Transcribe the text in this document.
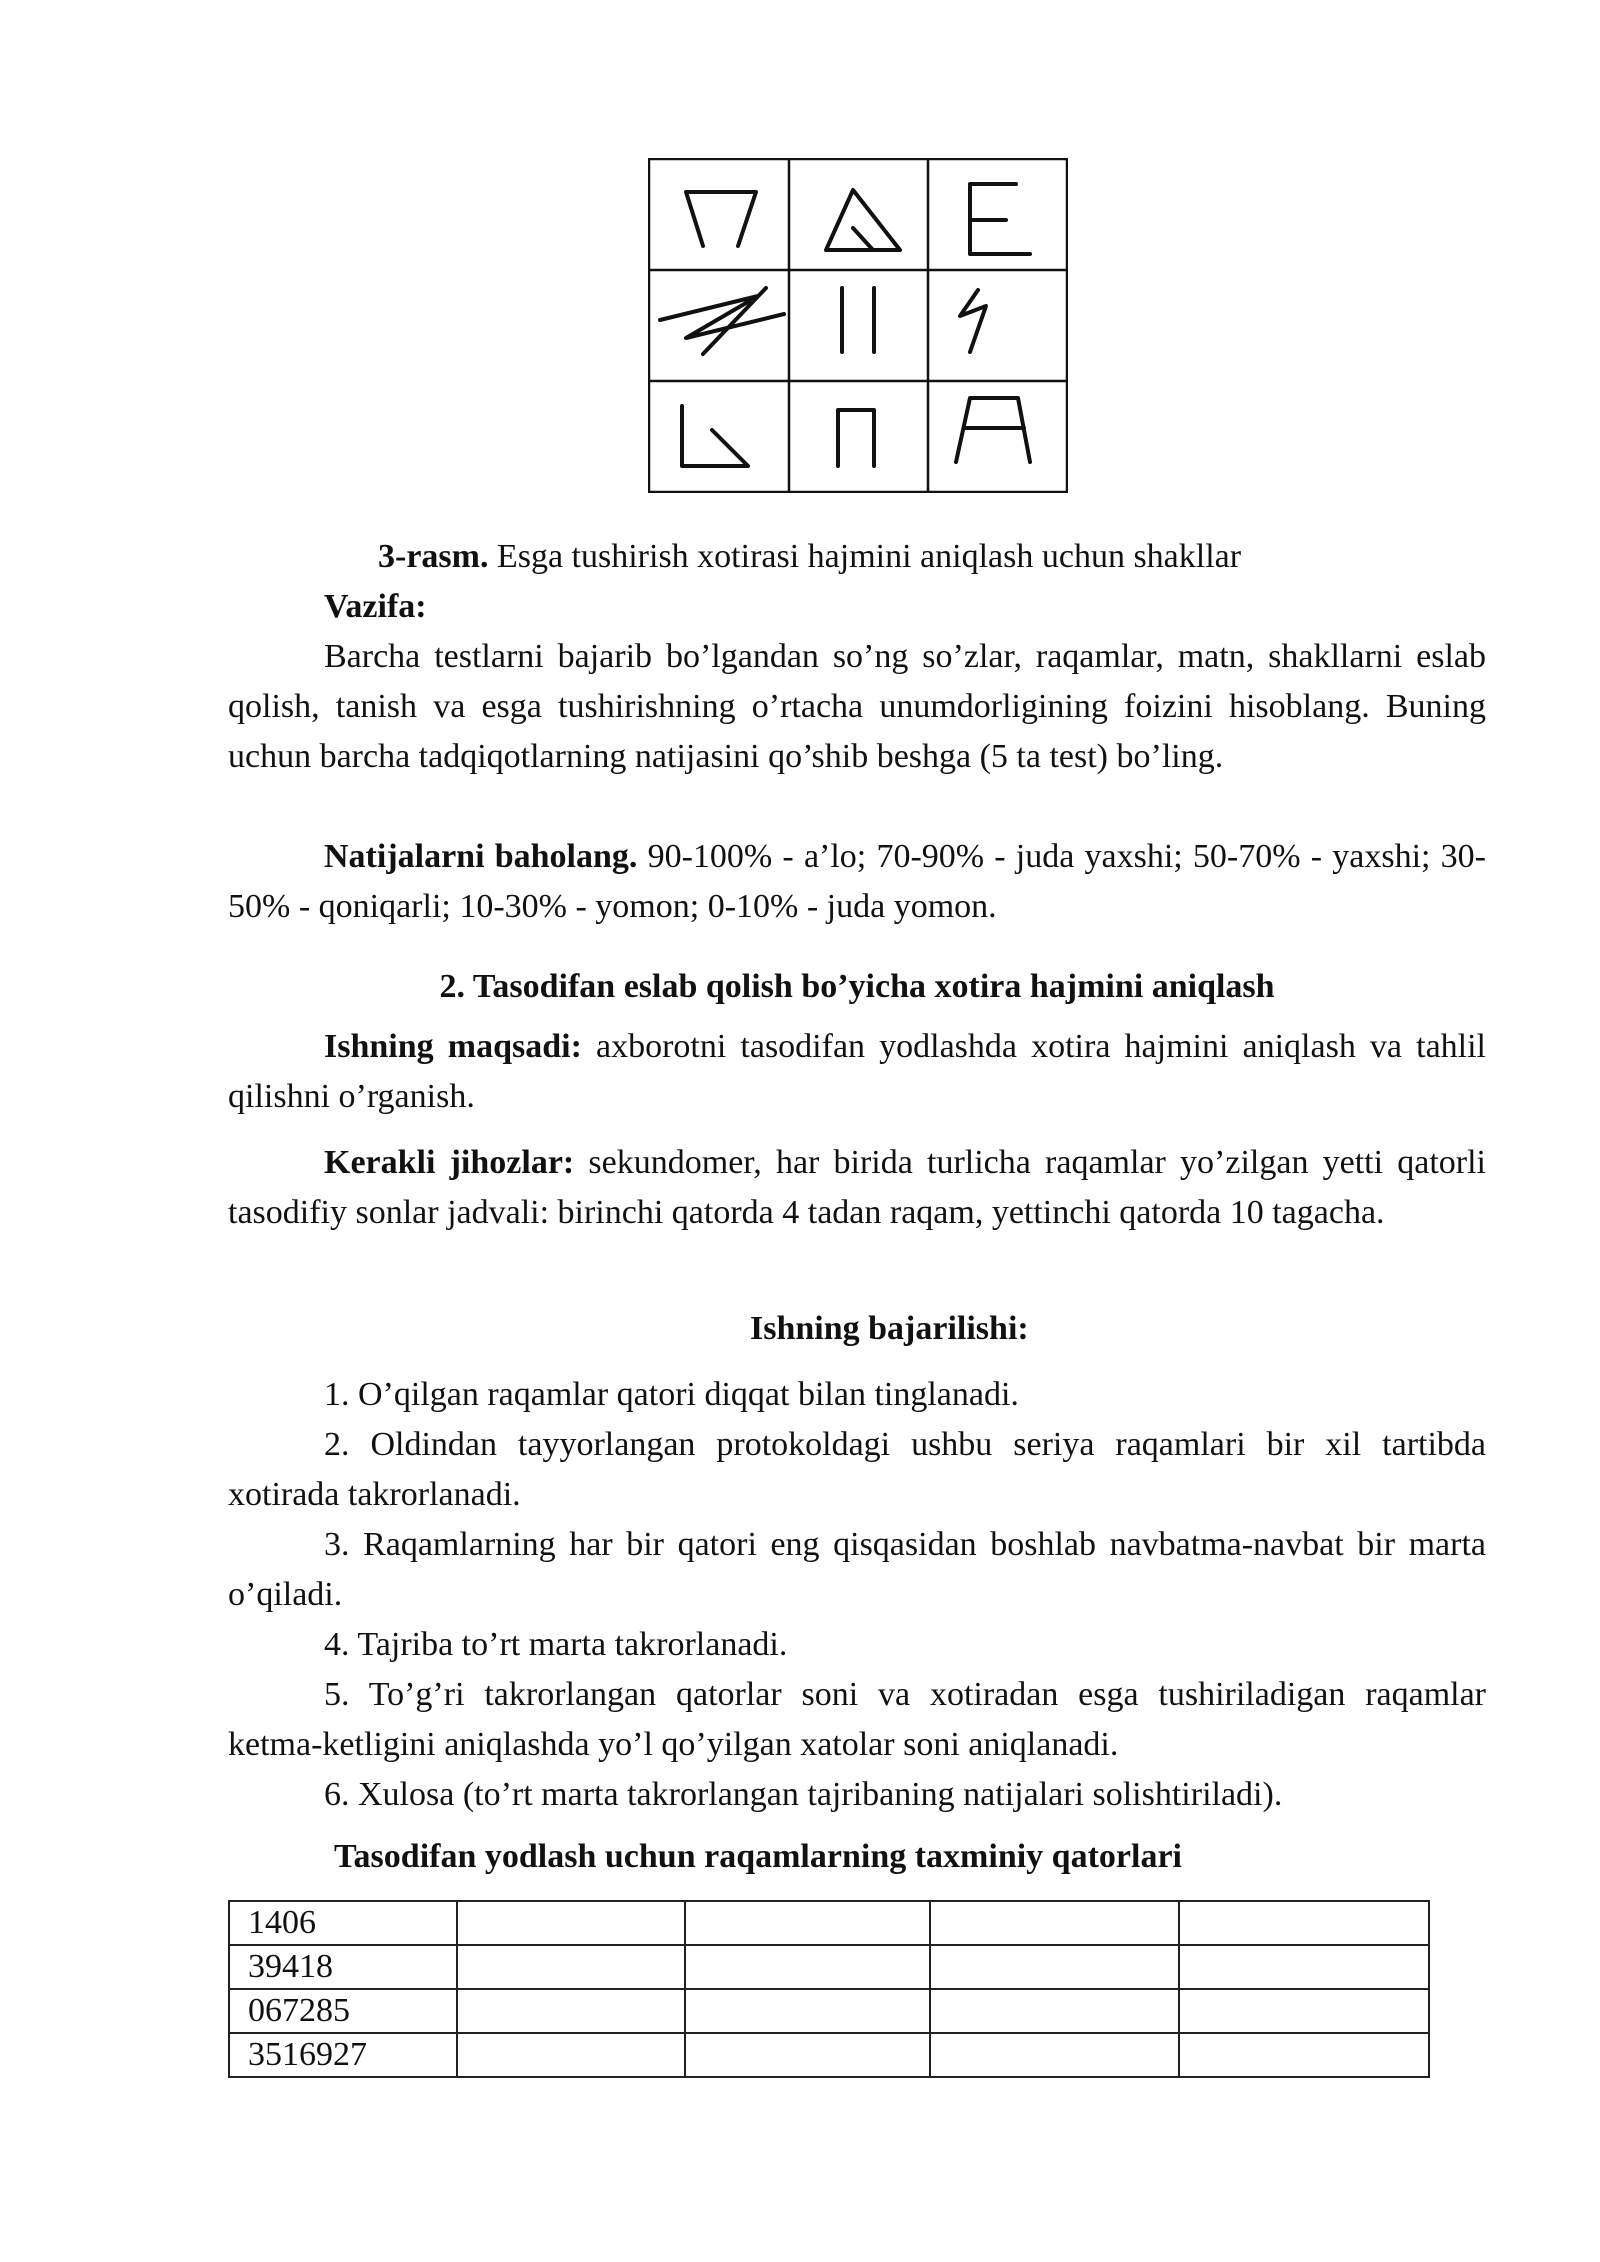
3-rasm. Esga tushirish xotirasi hajmini aniqlash uchun shakllar
Vazifa:

Barcha testlarni bajarib bo’lgandan so’ng so’zlar, raqamlar, matn, shakllarni eslab qolish, tanish va esga tushirishning o’rtacha unumdorligining foizini hisoblang. Buning uchun barcha tadqiqotlarning natijasini qo’shib beshga (5 ta test) bo’ling.

Natijalarni baholang. 90-100% - a’lo; 70-90% - juda yaxshi; 50-70% - yaxshi; 30-50% - qoniqarli; 10-30% - yomon; 0-10% - juda yomon.

2. Tasodifan eslab qolish bo’yicha xotira hajmini aniqlash

Ishning maqsadi: axborotni tasodifan yodlashda xotira hajmini aniqlash va tahlil qilishni o’rganish.

Kerakli jihozlar: sekundomer, har birida turlicha raqamlar yo’zilgan yetti qatorli tasodifiy sonlar jadvali: birinchi qatorda 4 tadan raqam, yettinchi qatorda 10 tagacha.

Ishning bajarilishi:

1. O’qilgan raqamlar qatori diqqat bilan tinglanadi.

2. Oldindan tayyorlangan protokoldagi ushbu seriya raqamlari bir xil tartibda xotirada takrorlanadi.

3. Raqamlarning har bir qatori eng qisqasidan boshlab navbatma-navbat bir marta o’qiladi.

4. Tajriba to’rt marta takrorlanadi.

5. To’g’ri takrorlangan qatorlar soni va xotiradan esga tushiriladigan raqamlar ketma-ketligini aniqlashda yo’l qo’yilgan xatolar soni aniqlanadi.

6. Xulosa (to’rt marta takrorlangan tajribaning natijalari solishtiriladi).

Tasodifan yodlash uchun raqamlarning taxminiy qatorlari
1406				
39418				
067285				
3516927				
